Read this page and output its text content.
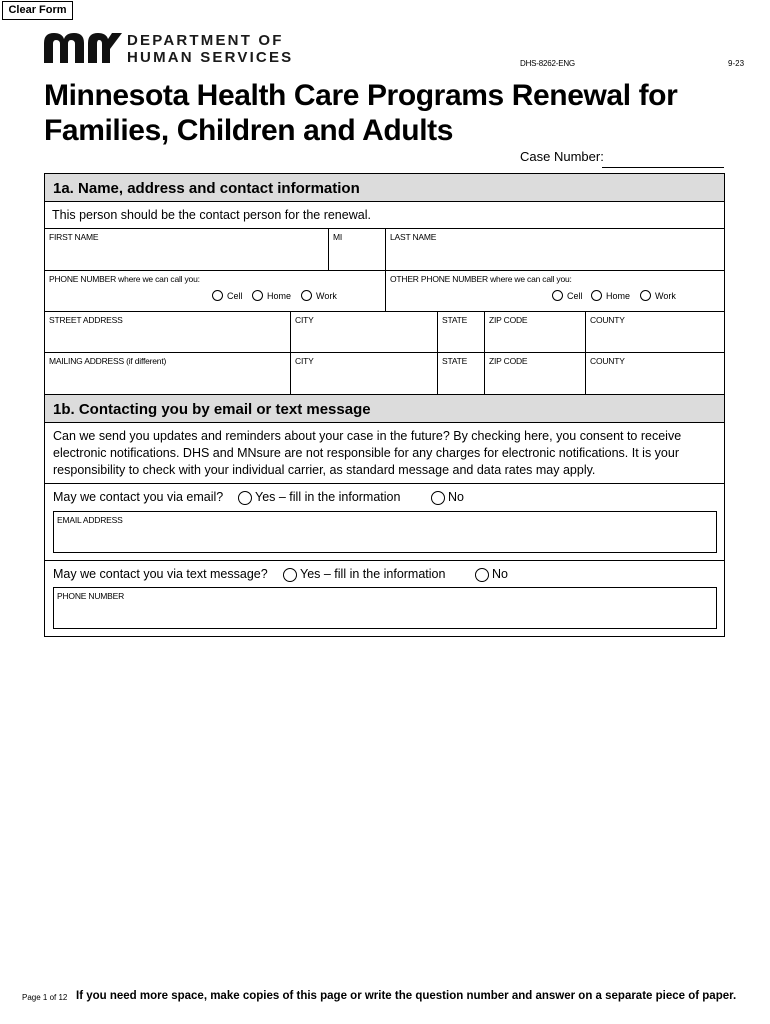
Clear Form
DEPARTMENT OF
HUMAN SERVICES	DHS-8262-ENG	9-23
Minnesota Health Care Programs Renewal for
Families, Children and Adults
Case Number:
1a. Name, address and contact information
This person should be the contact person for the renewal.
FIRST NAME	MI	LAST NAME
PHONE NUMBER where we can call you:
Cell	Home	Work
OTHER PHONE NUMBER where we can call you:
Cell	Home	Work
STREET ADDRESS	CITY	STATE	ZIP CODE	COUNTY
MAILING ADDRESS (if different)	CITY	STATE	ZIP CODE	COUNTY
1b. Contacting you by email or text message
Can we send you updates and reminders about your case in the future? By checking here, you consent to receive
electronic notifications. DHS and MNsure are not responsible for any charges for electronic notifications. It is your
responsibility to check with your individual carrier, as standard message and data rates may apply.
May we contact you via email?	Yes – fill in the information	No
EMAIL ADDRESS
May we contact you via text message?	Yes – fill in the information	No
PHONE NUMBER
Page 1 of 12 If you need more space, make copies of this page or write the question number and answer on a separate piece of paper.
